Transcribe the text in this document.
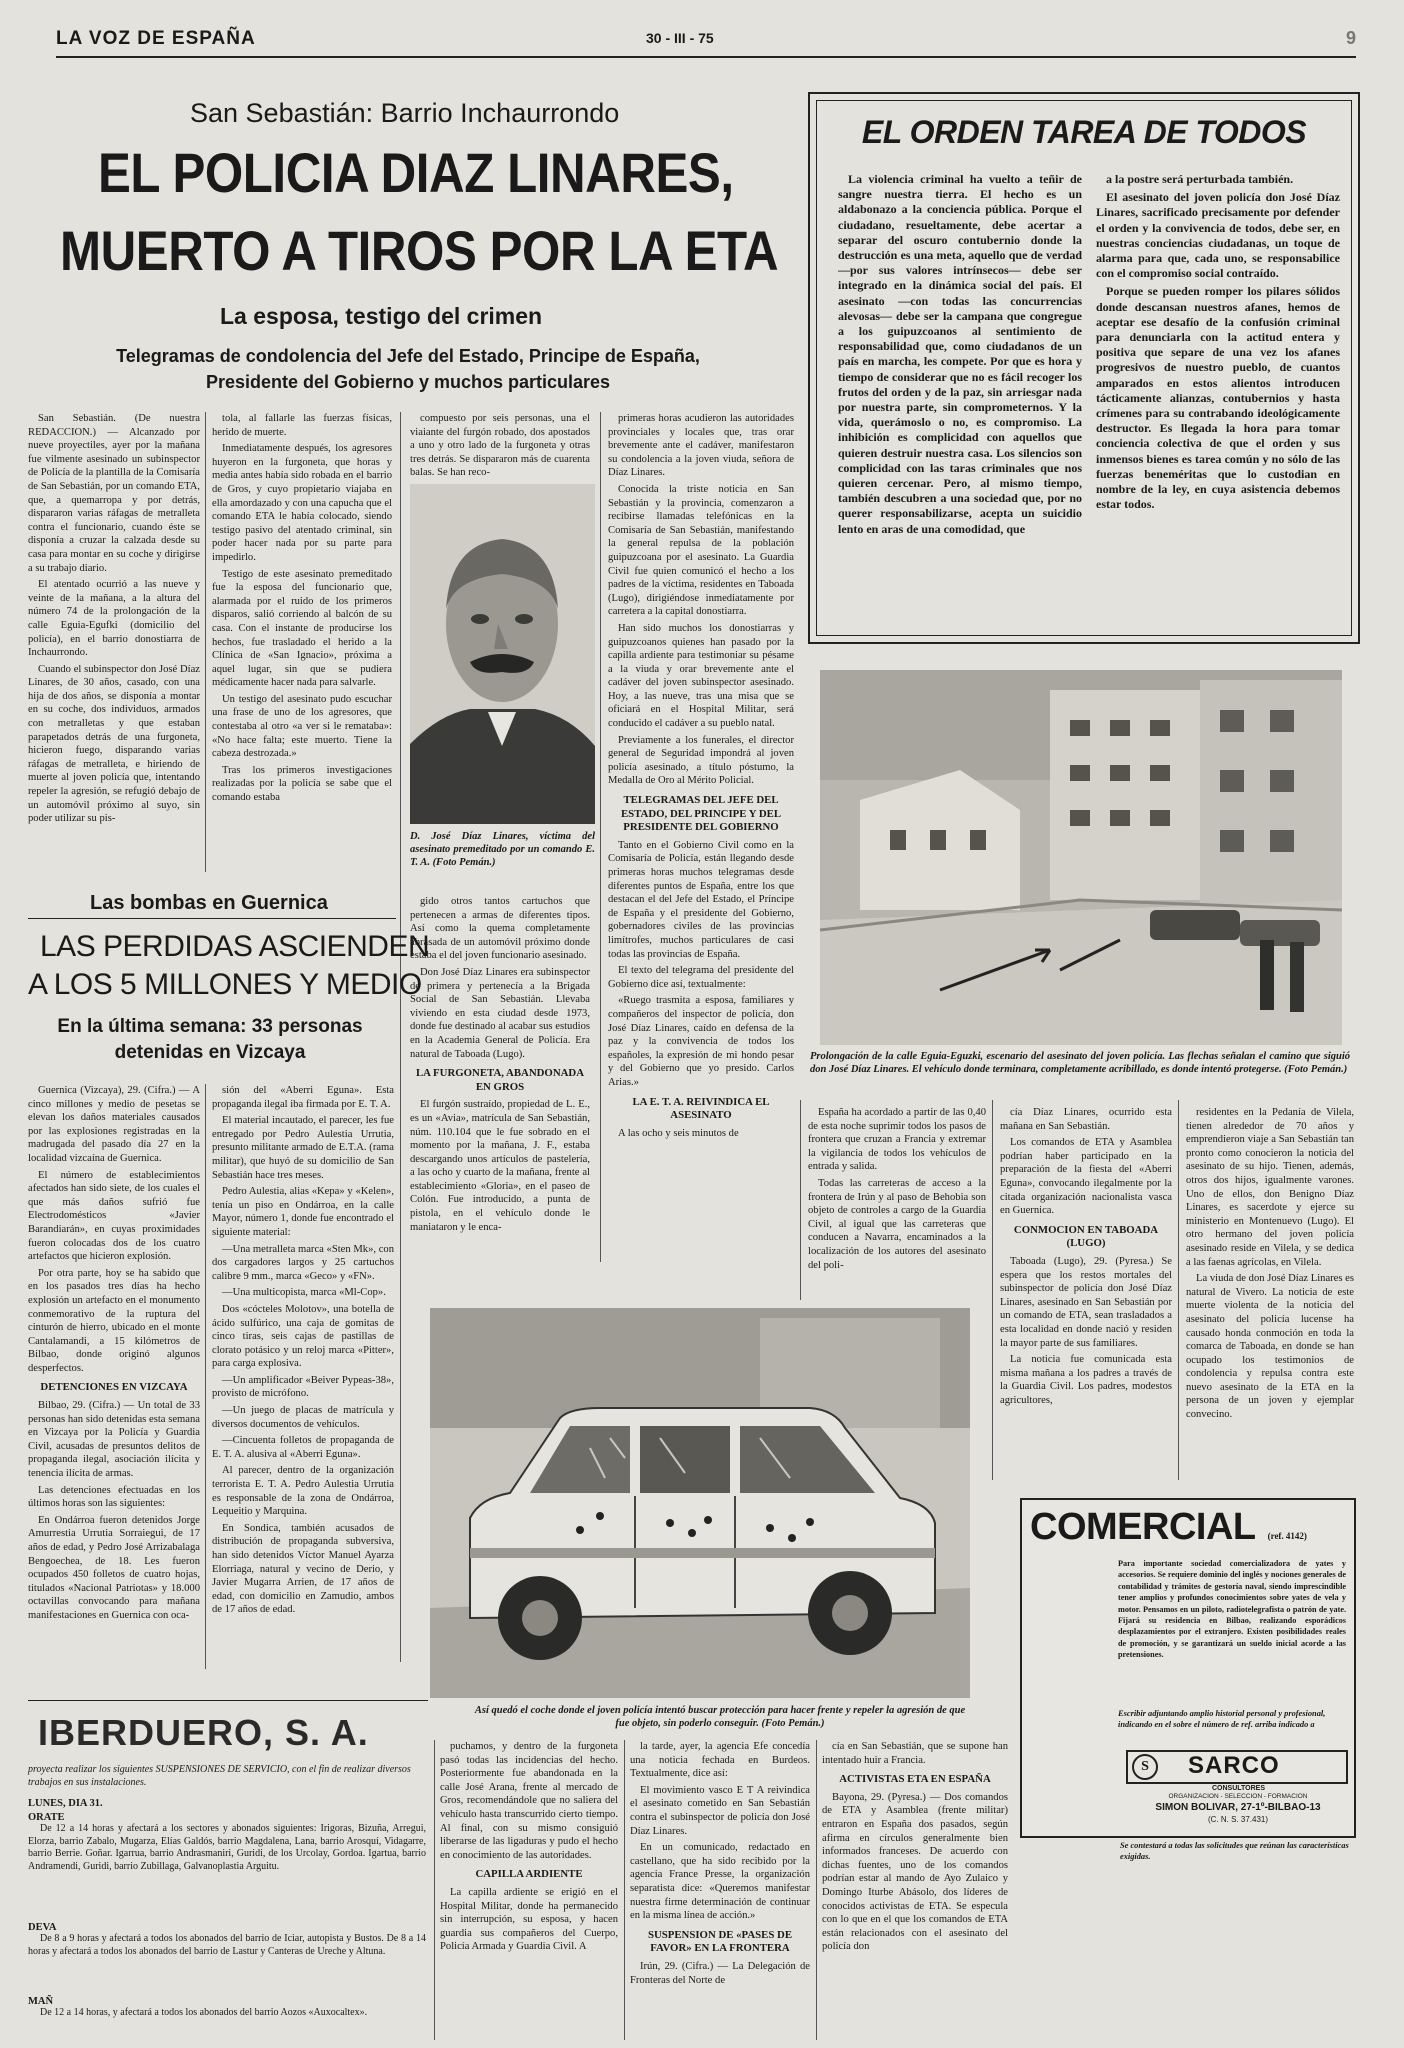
LA VOZ DE ESPAÑA	30 - III - 75	9
San Sebastián: Barrio Inchaurrondo
EL POLICIA DIAZ LINARES,
MUERTO A TIROS POR LA ETA
La esposa, testigo del crimen
Telegramas de condolencia del Jefe del Estado, Principe de España, Presidente del Gobierno y muchos particulares

San Sebastián. (De nuestra REDACCION.) — Alcanzado por nueve proyectiles, ayer por la mañana fue vilmente asesinado un subinspector de Policía de la plantilla de la Comisaría de San Sebastián, por un comando ETA, que, a quemarropa y por detrás, dispararon varias ráfagas de metralleta contra el funcionario, cuando éste se disponía a cruzar la calzada desde su casa para montar en su coche y dirigirse a su trabajo diario.

El atentado ocurrió a las nueve y veinte de la mañana, a la altura del número 74 de la prolongación de la calle Eguia-Egufki (domicilio del policía), en el barrio donostiarra de Inchaurrondo.

Cuando el subinspector don José Díaz Linares, de 30 años, casado, con una hija de dos años, se disponía a montar en su coche, dos individuos, armados con metralletas y que estaban parapetados detrás de una furgoneta, hicieron fuego, disparando varias ráfagas de metralleta, e hiriendo de muerte al joven policía que, intentando repeler la agresión, se refugió debajo de un automóvil próximo al suyo, sin poder utilizar su pis-

tola, al fallarle las fuerzas físicas, herido de muerte.

Inmediatamente después, los agresores huyeron en la furgoneta, que horas y media antes había sido robada en el barrio de Gros, y cuyo propietario viajaba en ella amordazado y con una capucha que el comando ETA le había colocado, siendo testigo pasivo del atentado criminal, sin poder hacer nada por su parte para impedirlo.

Testigo de este asesinato premeditado fue la esposa del funcionario que, alarmada por el ruido de los primeros disparos, salió corriendo al balcón de su casa. Con el instante de producirse los hechos, fue trasladado el herido a la Clínica de «San Ignacio», próxima a aquel lugar, sin que se pudiera médicamente hacer nada para salvarle.

Un testigo del asesinato pudo escuchar una frase de uno de los agresores, que contestaba al otro «a ver si le remataba»: «No hace falta; este muerto. Tiene la cabeza destrozada.»

Tras los primeros investigaciones realizadas por la policía se sabe que el comando estaba

compuesto por seis personas, una el viaiante del furgón robado, dos apostados a uno y otro lado de la furgoneta y otras tres detrás. Se dispararon más de cuarenta balas. Se han reco-

D. José Díaz Linares, víctima del asesinato premeditado por un comando E. T. A. (Foto Pemán.)

gido otros tantos cartuchos que pertenecen a armas de diferentes tipos. Así como la quema completamente abrasada de un automóvil próximo donde estaba el del joven funcionario asesinado.

Don José Díaz Linares era subinspector de primera y pertenecía a la Brigada Social de San Sebastián. Llevaba viviendo en esta ciudad desde 1973, donde fue destinado al acabar sus estudios en la Academia General de Policía. Era natural de Taboada (Lugo).

LA FURGONETA, ABANDONADA EN GROS

El furgón sustraído, propiedad de L. E., es un «Avia», matrícula de San Sebastián, núm. 110.104 que le fue sobrado en el momento por la mañana, J. F., estaba descargando unos artículos de pastelería, a las ocho y cuarto de la mañana, frente al establecimiento «Gloria», en el paseo de Colón. Fue introducido, a punta de pistola, en el vehículo donde le maniataron y le enca-

primeras horas acudieron las autoridades provinciales y locales que, tras orar brevemente ante el cadáver, manifestaron su condolencia a la joven viuda, señora de Díaz Linares.

Conocida la triste noticia en San Sebastián y la provincia, comenzaron a recibirse llamadas telefónicas en la Comisaría de San Sebastián, manifestando la general repulsa de la población guipuzcoana por el asesinato. La Guardia Civil fue quien comunicó el hecho a los padres de la víctima, residentes en Taboada (Lugo), dirigiéndose inmediatamente por carretera a la capital donostiarra.

Han sido muchos los donostiarras y guipuzcoanos quienes han pasado por la capilla ardiente para testimoniar su pésame a la viuda y orar brevemente ante el cadáver del joven subinspector asesinado. Hoy, a las nueve, tras una misa que se oficiará en el Hospital Militar, será conducido el cadáver a su pueblo natal.

Previamente a los funerales, el director general de Seguridad impondrá al joven policía asesinado, a título póstumo, la Medalla de Oro al Mérito Policial.

TELEGRAMAS DEL JEFE DEL ESTADO, DEL PRINCIPE Y DEL PRESIDENTE DEL GOBIERNO

Tanto en el Gobierno Civil como en la Comisaría de Policía, están llegando desde primeras horas muchos telegramas desde diferentes puntos de España, entre los que destacan el del Jefe del Estado, el Príncipe de España y el presidente del Gobierno, gobernadores civiles de las provincias limítrofes, muchos particulares de casi todas las provincias de España.

El texto del telegrama del presidente del Gobierno dice así, textualmente:

«Ruego trasmita a esposa, familiares y compañeros del inspector de policía, don José Díaz Linares, caído en defensa de la paz y la convivencia de todos los españoles, la expresión de mi hondo pesar y del Gobierno que yo presido. Carlos Arias.»

LA E. T. A. REIVINDICA EL ASESINATO

A las ocho y seis minutos de

EL ORDEN TAREA DE TODOS

La violencia criminal ha vuelto a teñir de sangre nuestra tierra. El hecho es un aldabonazo a la conciencia pública. Porque el ciudadano, resueltamente, debe acertar a separar del oscuro contubernio donde la destrucción es una meta, aquello que de verdad —por sus valores intrínsecos— debe ser integrado en la dinámica social del país. El asesinato —con todas las concurrencias alevosas— debe ser la campana que congregue a los guipuzcoanos al sentimiento de responsabilidad que, como ciudadanos de un país en marcha, les compete. Por que es hora y tiempo de considerar que no es fácil recoger los frutos del orden y de la paz, sin arriesgar nada por nuestra parte, sin comprometernos. Y la vida, querámoslo o no, es compromiso. La inhibición es complicidad con aquellos que quieren destruir nuestra casa. Los silencios son complicidad con las taras criminales que nos quieren cercenar. Pero, al mismo tiempo, también descubren a una sociedad que, por no querer responsabilizarse, acepta un suicidio lento en aras de una comodidad, que

a la postre será perturbada también.

El asesinato del joven policía don José Díaz Linares, sacrificado precisamente por defender el orden y la convivencia de todos, debe ser, en nuestras conciencias ciudadanas, un toque de alarma para que, cada uno, se responsabilice con el compromiso social contraído.

Porque se pueden romper los pilares sólidos donde descansan nuestros afanes, hemos de aceptar ese desafío de la confusión criminal para denunciarla con la actitud entera y positiva que separe de una vez los afanes progresivos de nuestro pueblo, de cuantos amparados en estos alientos introducen tácticamente alianzas, contubernios y hasta crímenes para su contrabando ideológicamente destructor. Es llegada la hora para tomar conciencia colectiva de que el orden y sus inmensos bienes es tarea común y no sólo de las fuerzas beneméritas que lo custodian en nombre de la ley, en cuya asistencia debemos estar todos.

Prolongación de la calle Eguia-Eguzki, escenario del asesinato del joven policía. Las flechas señalan el camino que siguió don José Díaz Linares. El vehículo donde terminara, completamente acribillado, es donde intentó protegerse. (Foto Pemán.)
Las bombas en Guernica
LAS PERDIDAS ASCIENDEN
A LOS 5 MILLONES Y MEDIO
En la última semana: 33 personas detenidas en Vizcaya

Guernica (Vizcaya), 29. (Cifra.) — A cinco millones y medio de pesetas se elevan los daños materiales causados por las explosiones registradas en la madrugada del pasado día 27 en la localidad vizcaína de Guernica.

El número de establecimientos afectados han sido siete, de los cuales el que más daños sufrió fue Electrodomésticos «Javier Barandiarán», en cuyas proximidades fueron colocadas dos de los cuatro artefactos que hicieron explosión.

Por otra parte, hoy se ha sabido que en los pasados tres días ha hecho explosión un artefacto en el monumento conmemorativo de la ruptura del cinturón de hierro, ubicado en el monte Cantalamandi, a 15 kilómetros de Bilbao, donde originó algunos desperfectos.

DETENCIONES EN VIZCAYA

Bilbao, 29. (Cifra.) — Un total de 33 personas han sido detenidas esta semana en Vizcaya por la Policía y Guardia Civil, acusadas de presuntos delitos de propaganda ilegal, asociación ilícita y tenencia ilícita de armas.

Las detenciones efectuadas en los últimos horas son las siguientes:

En Ondárroa fueron detenidos Jorge Amurrestia Urrutia Sorraiegui, de 17 años de edad, y Pedro José Arrizabalaga Bengoechea, de 18. Les fueron ocupados 450 folletos de cuatro hojas, titulados «Nacional Patriotas» y 18.000 octavillas convocando para mañana manifestaciones en Guernica con oca-

sión del «Aberri Eguna». Esta propaganda ilegal iba firmada por E. T. A.

El material incautado, el parecer, les fue entregado por Pedro Aulestia Urrutia, presunto militante armado de E.T.A. (rama militar), que huyó de su domicilio de San Sebastián hace tres meses.

Pedro Aulestia, alias «Kepa» y «Kelen», tenía un piso en Ondárroa, en la calle Mayor, número 1, donde fue encontrado el siguiente material:

—Una metralleta marca «Sten Mk», con dos cargadores largos y 25 cartuchos calibre 9 mm., marca «Geco» y «FN».

—Una multicopista, marca «Ml-Cop».

Dos «cócteles Molotov», una botella de ácido sulfúrico, una caja de gomitas de cinco tiras, seis cajas de pastillas de clorato potásico y un reloj marca «Pitter», para carga explosiva.

—Un amplificador «Beiver Pypeas-38», provisto de micrófono.

—Un juego de placas de matrícula y diversos documentos de vehículos.

—Cincuenta folletos de propaganda de E. T. A. alusiva al «Aberri Eguna».

Al parecer, dentro de la organización terrorista E. T. A. Pedro Aulestia Urrutia es responsable de la zona de Ondárroa, Lequeitio y Marquina.

En Sondica, también acusados de distribución de propaganda subversiva, han sido detenidos Víctor Manuel Ayarza Elorriaga, natural y vecino de Derio, y Javier Mugarra Arrien, de 17 años de edad, con domicilio en Zamudio, ambos de 17 años de edad.

España ha acordado a partir de las 0,40 de esta noche suprimir todos los pasos de frontera que cruzan a Francia y extremar la vigilancia de todos los vehículos de entrada y salida.

Todas las carreteras de acceso a la frontera de Irún y al paso de Behobia son objeto de controles a cargo de la Guardia Civil, al igual que las carreteras que conducen a Navarra, encaminados a la localización de los autores del asesinato del poli-

cía Díaz Linares, ocurrido esta mañana en San Sebastián.

Los comandos de ETA y Asamblea podrían haber participado en la preparación de la fiesta del «Aberri Eguna», convocando ilegalmente por la citada organización nacionalista vasca en Guernica.

CONMOCION EN TABOADA (LUGO)

Taboada (Lugo), 29. (Pyresa.) Se espera que los restos mortales del subinspector de policía don José Díaz Linares, asesinado en San Sebastián por un comando de ETA, sean trasladados a esta localidad en donde nació y residen la mayor parte de sus familiares.

La noticia fue comunicada esta misma mañana a los padres a través de la Guardia Civil. Los padres, modestos agricultores,

residentes en la Pedanía de Vilela, tienen alrededor de 70 años y emprendieron viaje a San Sebastián tan pronto como conocieron la noticia del asesinato de su hijo. Tienen, además, otros dos hijos, igualmente varones. Uno de ellos, don Benigno Díaz Linares, es sacerdote y ejerce su ministerio en Montenuevo (Lugo). El otro hermano del joven policía asesinado reside en Vilela, y se dedica a las faenas agrícolas, en Vilela.

La viuda de don José Díaz Linares es natural de Vivero. La noticia de este muerte violenta de la noticia del asesinato del policía lucense ha causado honda conmoción en toda la comarca de Taboada, en donde se han ocupado los testimonios de condolencia y repulsa contra este nuevo asesinato de la ETA en la persona de un joven y ejemplar convecino.

Así quedó el coche donde el joven policía intentó buscar protección para hacer frente y repeler la agresión de que fue objeto, sin poderlo conseguir. (Foto Pemán.)
COMERCIAL (ref. 4142)
Para importante sociedad comercializadora de yates y accesorios. Se requiere dominio del inglés y nociones generales de contabilidad y trámites de gestoría naval, siendo imprescindible tener amplios y profundos conocimientos sobre yates de vela y motor. Pensamos en un piloto, radiotelegrafista o patrón de yate. Fijará su residencia en Bilbao, realizando esporádicos desplazamientos por el extranjero. Existen posibilidades reales de promoción, y se garantizará un sueldo inicial acorde a las pretensiones.
Escribir adjuntando amplio historial personal y profesional, indicando en el sobre el número de ref. arriba indicado a
S	SARCO
CONSULTORES
ORGANIZACION - SELECCION - FORMACION
SIMON BOLIVAR, 27-1º-BILBAO-13
(C. N. S. 37.431)
Se contestará a todas las solicitudes que reúnan las características exigidas.
IBERDUERO, S. A.
proyecta realizar los siguientes SUSPENSIONES DE SERVICIO, con el fin de realizar diversos trabajos en sus instalaciones.
LUNES, DIA 31.
ORATE
De 12 a 14 horas y afectará a los sectores y abonados siguientes: Irigoras, Bizuña, Arregui, Elorza, barrio Zabalo, Mugarza, Elías Galdós, barrio Magdalena, Lana, barrio Arosquí, Vidagarre, barrio Berrie. Goñar. Igarrua, barrio Andrasmaniri, Guridi, de los Urcolay, Gordoa. Igartua, barrio Andramendi, Guridi, barrio Zubillaga, Galvanoplastia Arguitu.
DEVA
De 8 a 9 horas y afectará a todos los abonados del barrio de Iciar, autopista y Bustos. De 8 a 14 horas y afectará a todos los abonados del barrio de Lastur y Canteras de Ureche y Altuna.
MAÑ
De 12 a 14 horas, y afectará a todos los abonados del barrio Aozos «Auxocaltex».

puchamos, y dentro de la furgoneta pasó todas las incidencias del hecho. Posteriormente fue abandonada en la calle José Arana, frente al mercado de Gros, recomendándole que no saliera del vehículo hasta transcurrido cierto tiempo. Al final, con su mismo consiguió liberarse de las ligaduras y pudo el hecho en conocimiento de las autoridades.

CAPILLA ARDIENTE

La capilla ardiente se erigió en el Hospital Militar, donde ha permanecido sin interrupción, su esposa, y hacen guardia sus compañeros del Cuerpo, Policía Armada y Guardia Civil. A

la tarde, ayer, la agencia Efe concedía una noticia fechada en Burdeos. Textualmente, dice así:

El movimiento vasco E T A reivindica el asesinato cometido en San Sebastián contra el subinspector de policía don José Díaz Linares.

En un comunicado, redactado en castellano, que ha sido recibido por la agencia France Presse, la organización separatista dice: «Queremos manifestar nuestra firme determinación de continuar en la misma línea de acción.»

SUSPENSION DE «PASES DE FAVOR» EN LA FRONTERA

Irún, 29. (Cifra.) — La Delegación de Fronteras del Norte de

cía en San Sebastián, que se supone han intentado huir a Francia.

ACTIVISTAS ETA EN ESPAÑA

Bayona, 29. (Pyresa.) — Dos comandos de ETA y Asamblea (frente militar) entraron en España dos pasados, según afirma en círculos generalmente bien informados franceses. De acuerdo con dichas fuentes, uno de los comandos podrían estar al mando de Ayo Zulaico y Domingo Iturbe Abásolo, dos líderes de conocidos activistas de ETA. Se especula con lo que en el que los comandos de ETA están relacionados con el asesinato del policía don
